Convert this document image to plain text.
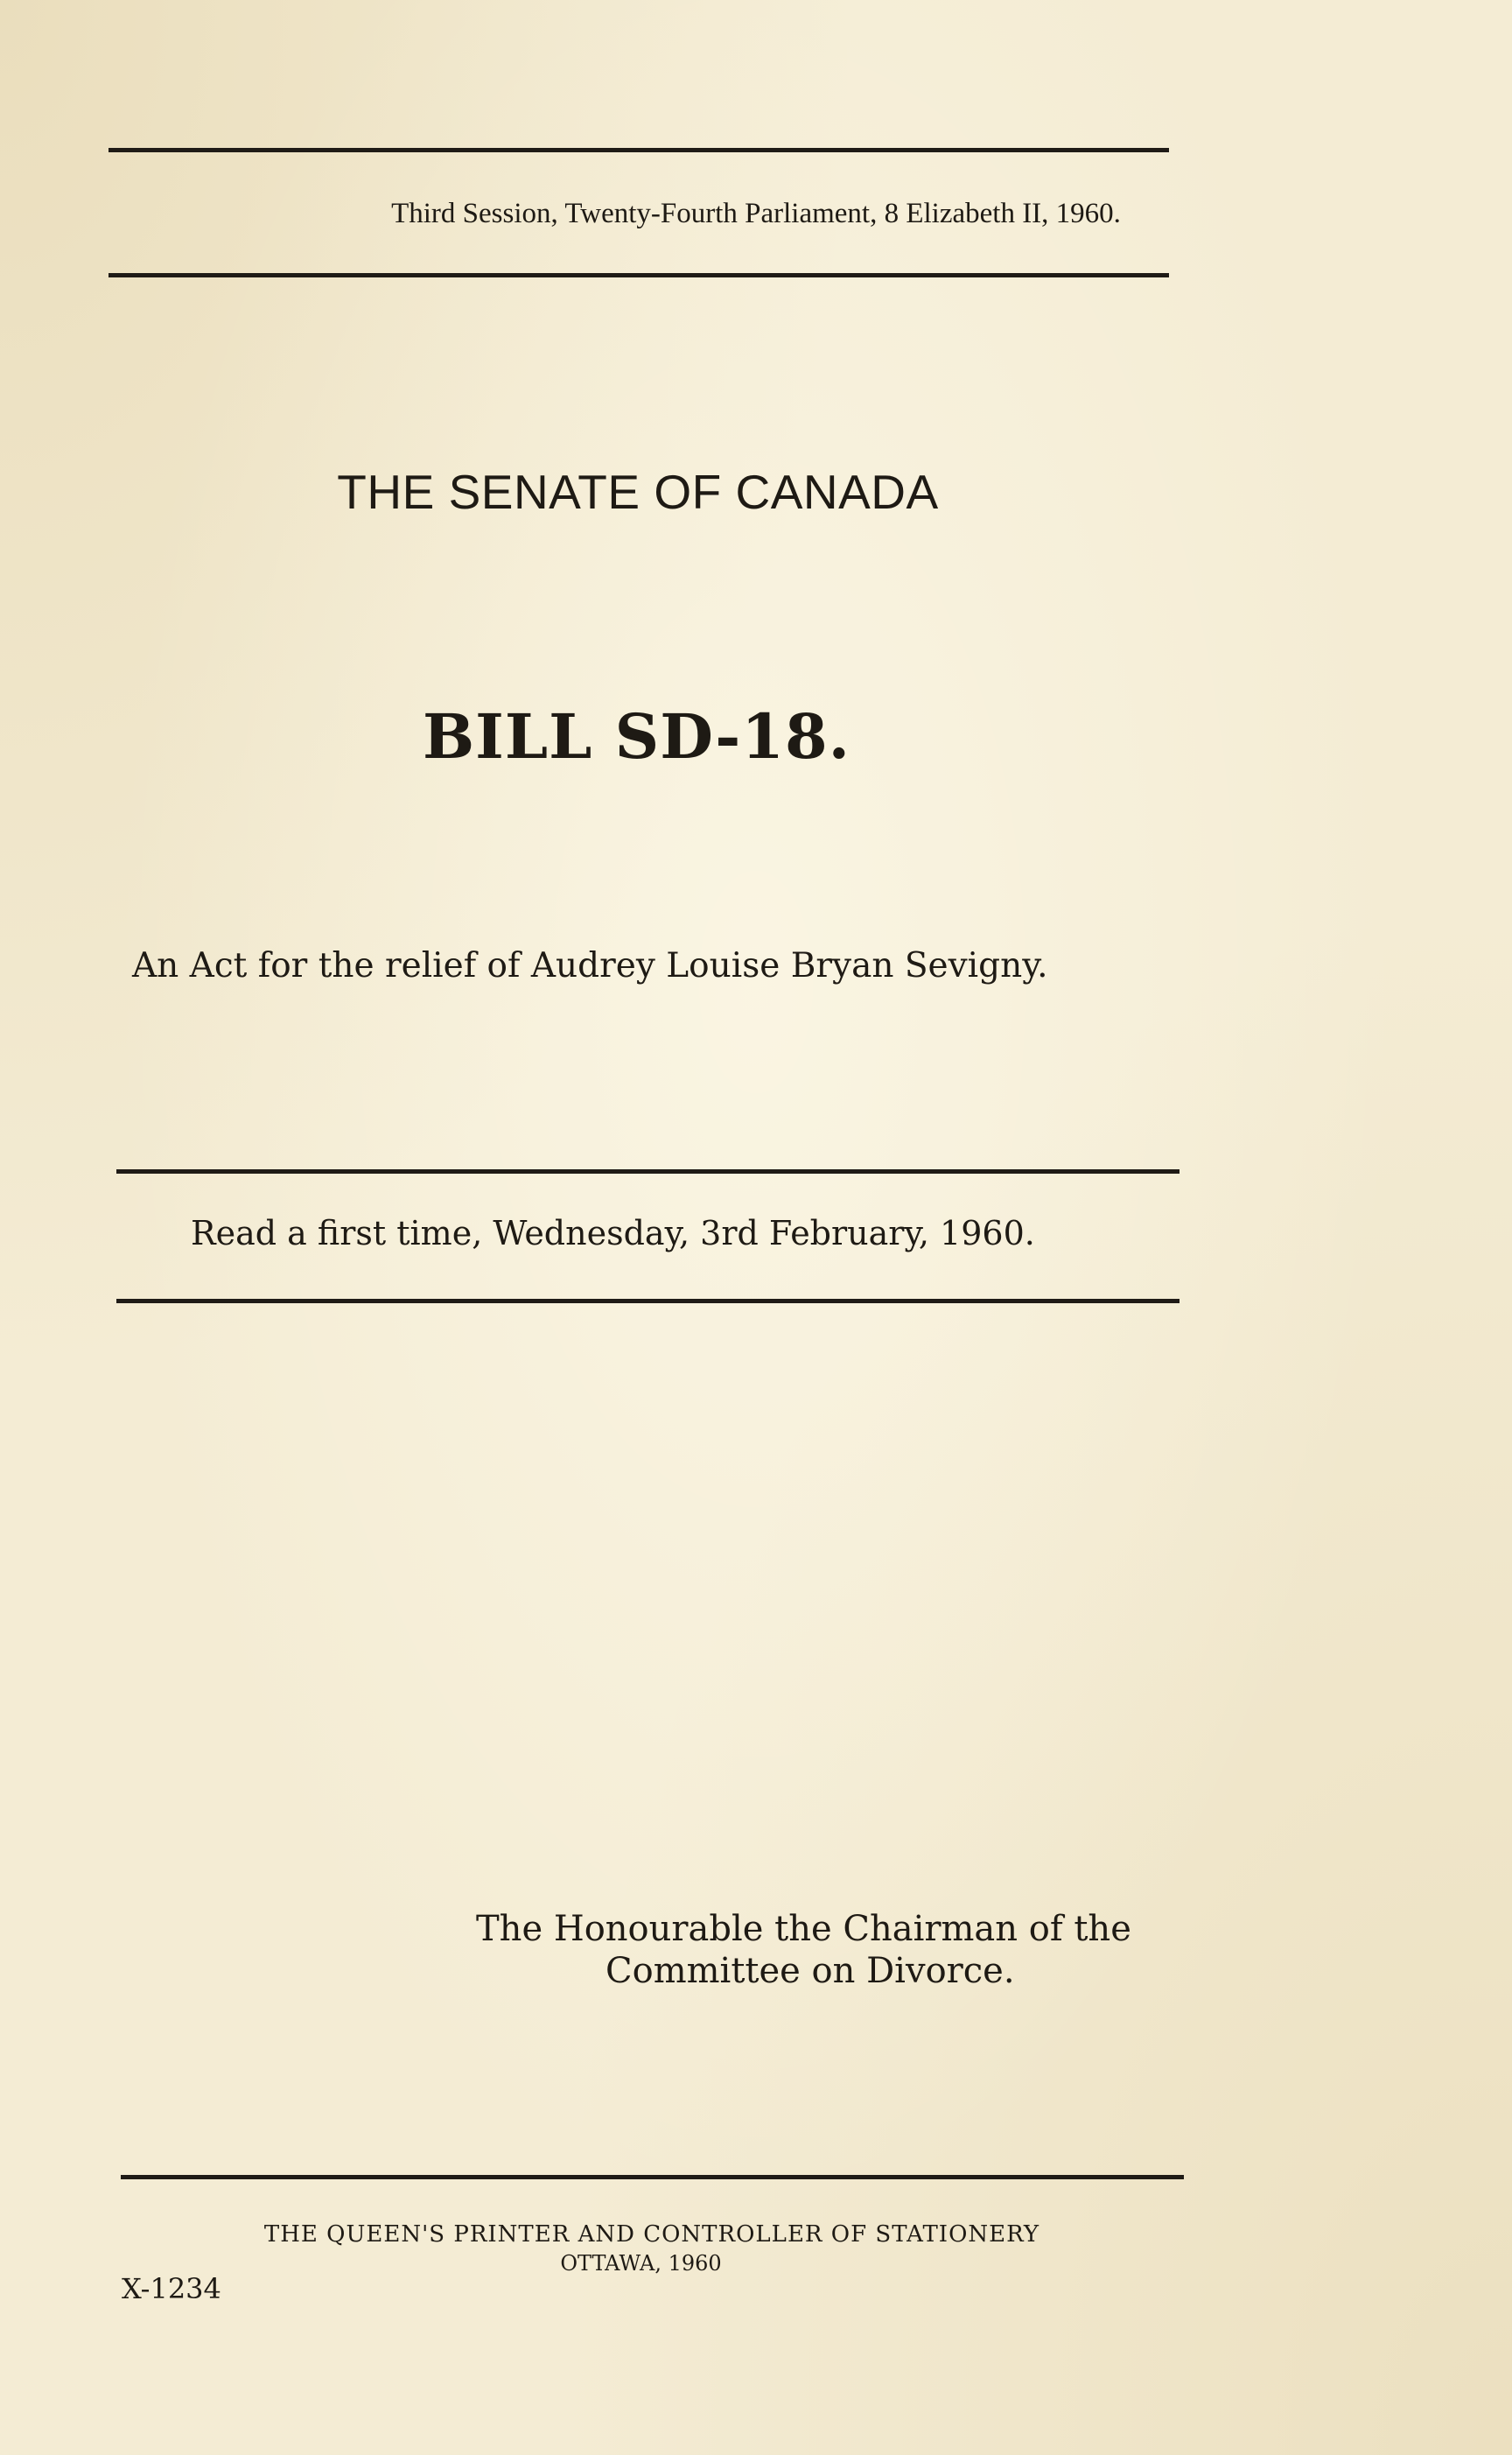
Third Session, Twenty-Fourth Parliament, 8 Elizabeth II, 1960.
THE SENATE OF CANADA
BILL SD-18.
An Act for the relief of Audrey Louise Bryan Sevigny.
Read a first time, Wednesday, 3rd February, 1960.
The Honourable the Chairman of the
Committee on Divorce.
THE QUEEN'S PRINTER AND CONTROLLER OF STATIONERY
OTTAWA, 1960
X-1234
